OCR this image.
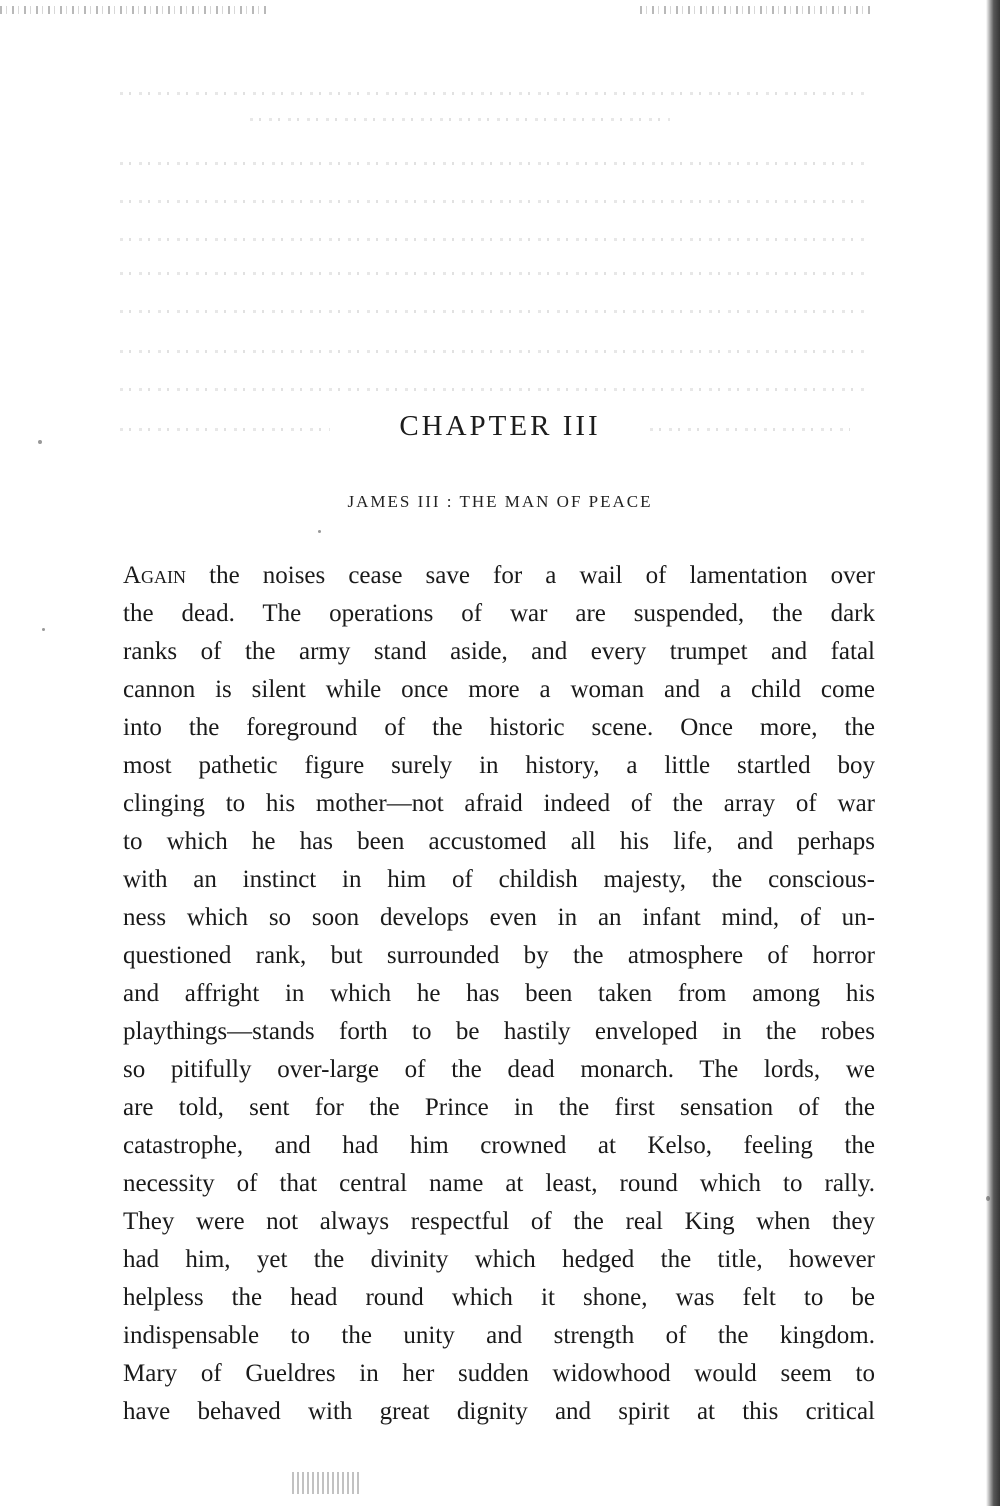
CHAPTER III
JAMES III : THE MAN OF PEACE
Again the noises cease save for a wail of lamentation over
the dead. The operations of war are suspended, the dark
ranks of the army stand aside, and every trumpet and fatal
cannon is silent while once more a woman and a child come
into the foreground of the historic scene. Once more, the
most pathetic figure surely in history, a little startled boy
clinging to his mother—not afraid indeed of the array of war
to which he has been accustomed all his life, and perhaps
with an instinct in him of childish majesty, the conscious-
ness which so soon develops even in an infant mind, of un-
questioned rank, but surrounded by the atmosphere of horror
and affright in which he has been taken from among his
playthings—stands forth to be hastily enveloped in the robes
so pitifully over-large of the dead monarch. The lords, we
are told, sent for the Prince in the first sensation of the
catastrophe, and had him crowned at Kelso, feeling the
necessity of that central name at least, round which to rally.
They were not always respectful of the real King when they
had him, yet the divinity which hedged the title, however
helpless the head round which it shone, was felt to be
indispensable to the unity and strength of the kingdom.
Mary of Gueldres in her sudden widowhood would seem to
have behaved with great dignity and spirit at this critical
